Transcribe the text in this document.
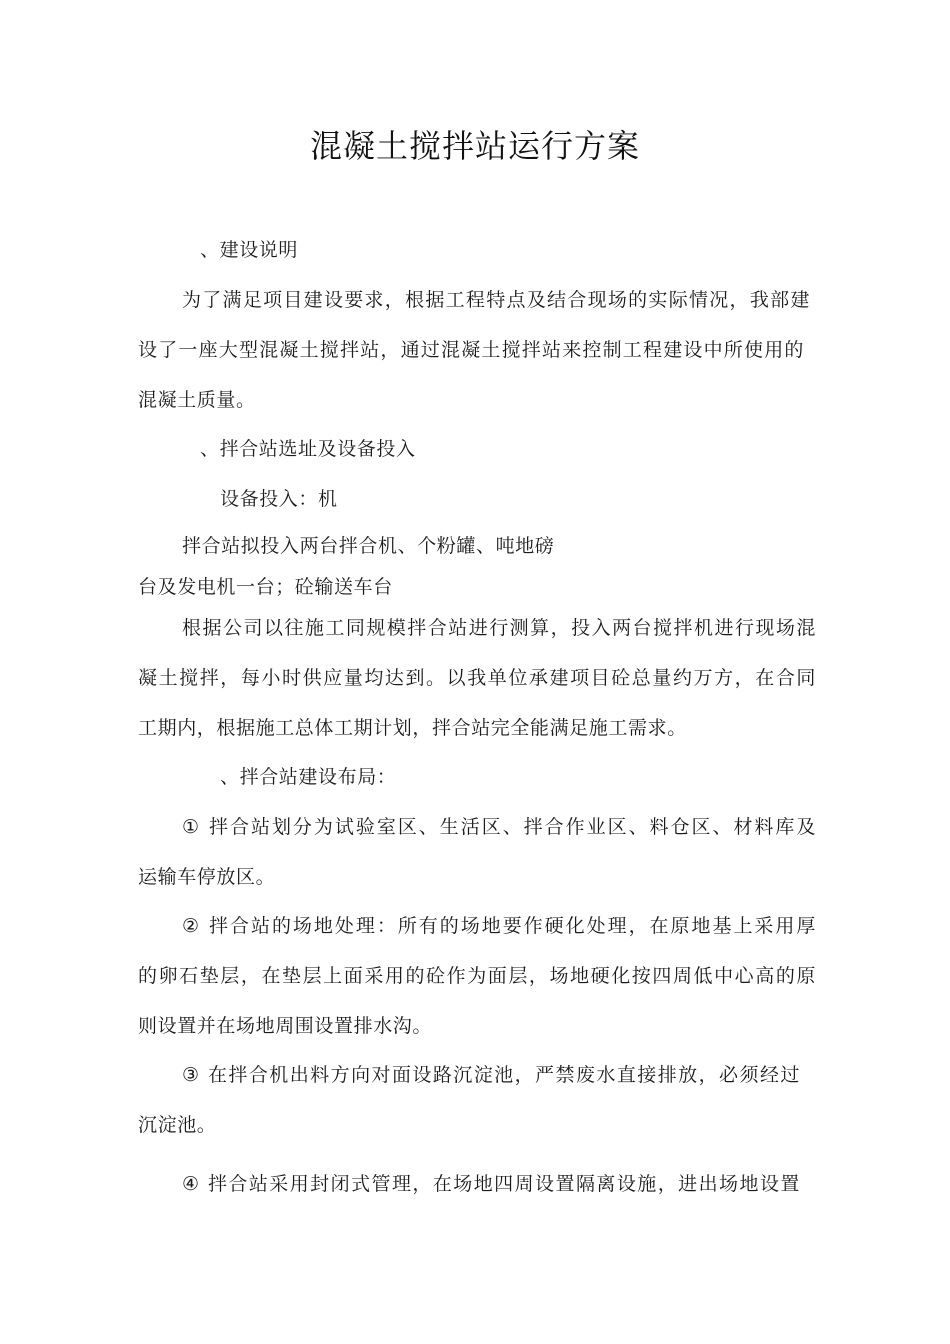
混凝土搅拌站运行方案
、建设说明
为了满足项目建设要求，根据工程特点及结合现场的实际情况，我部建
设了一座大型混凝土搅拌站，通过混凝土搅拌站来控制工程建设中所使用的
混凝土质量。
、拌合站选址及设备投入
设备投入：机
拌合站拟投入两台拌合机、个粉罐、吨地磅
台及发电机一台；砼输送车台
根据公司以往施工同规模拌合站进行测算，投入两台搅拌机进行现场混
凝土搅拌，每小时供应量均达到。以我单位承建项目砼总量约万方，在合同
工期内，根据施工总体工期计划，拌合站完全能满足施工需求。
、拌合站建设布局：
① 拌合站划分为试验室区、生活区、拌合作业区、料仓区、材料库及
运输车停放区。
② 拌合站的场地处理：所有的场地要作硬化处理，在原地基上采用厚
的卵石垫层，在垫层上面采用的砼作为面层，场地硬化按四周低中心高的原
则设置并在场地周围设置排水沟。
③ 在拌合机出料方向对面设路沉淀池，严禁废水直接排放，必须经过
沉淀池。
④ 拌合站采用封闭式管理，在场地四周设置隔离设施，进出场地设置
